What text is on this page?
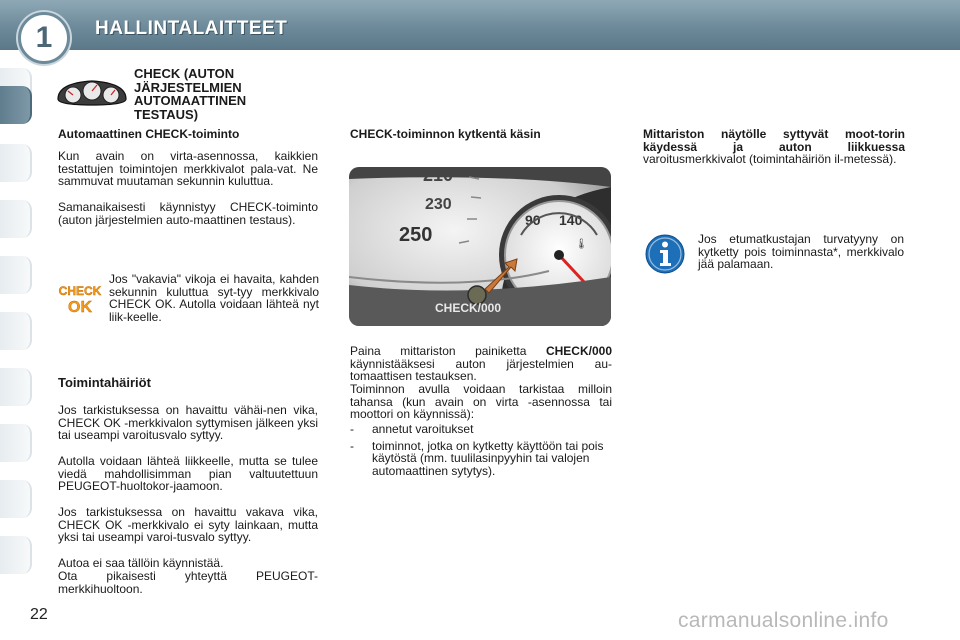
HALLINTALAITTEET
1
CHECK (AUTON JÄRJESTELMIEN AUTOMAATTINEN TESTAUS)
Automaattinen CHECK-toiminto
Kun avain on virta-asennossa, kaikkien testattujen toimintojen merkkivalot pala-vat. Ne sammuvat muutaman sekunnin kuluttua.
Samanaikaisesti käynnistyy CHECK-toiminto (auton järjestelmien auto-maattinen testaus).
CHECK
OK
Jos "vakavia" vikoja ei havaita, kahden sekunnin kuluttua syt-tyy merkkivalo CHECK OK. Autolla voidaan lähteä nyt liik-keelle.
Toimintahäiriöt
Jos tarkistuksessa on havaittu vähäi-nen vika, CHECK OK -merkkivalon syttymisen jälkeen yksi tai useampi varoitusvalo syttyy.
Autolla voidaan lähteä liikkeelle, mutta se tulee viedä mahdollisimman pian valtuutettuun PEUGEOT-huoltokor-jaamoon.
Jos tarkistuksessa on havaittu vakava vika, CHECK OK -merkkivalo ei syty lainkaan, mutta yksi tai useampi varoi-tusvalo syttyy.
Autoa ei saa tällöin käynnistää.
Ota pikaisesti yhteyttä PEUGEOT-merkkihuoltoon.
CHECK-toiminnon kytkentä käsin
90 140
🌡
210
230
250
CHECK/000
Paina mittariston painiketta CHECK/000 käynnistääksesi auton järjestelmien au-tomaattisen testauksen.
Toiminnon avulla voidaan tarkistaa milloin tahansa (kun avain on virta -asennossa tai moottori on käynnissä):
- annetut varoitukset
- toiminnot, jotka on kytketty käyttöön tai pois käytöstä (mm. tuulilasinpyyhin tai valojen automaattinen sytytys).
Mittariston näytölle syttyvät moot-torin käydessä ja auton liikkuessa varoitusmerkkivalot (toimintahäiriön il-metessä).
Jos etumatkustajan turvatyyny on kytketty pois toiminnasta*, merkkivalo jää palamaan.
22	carmanualsonline.info
